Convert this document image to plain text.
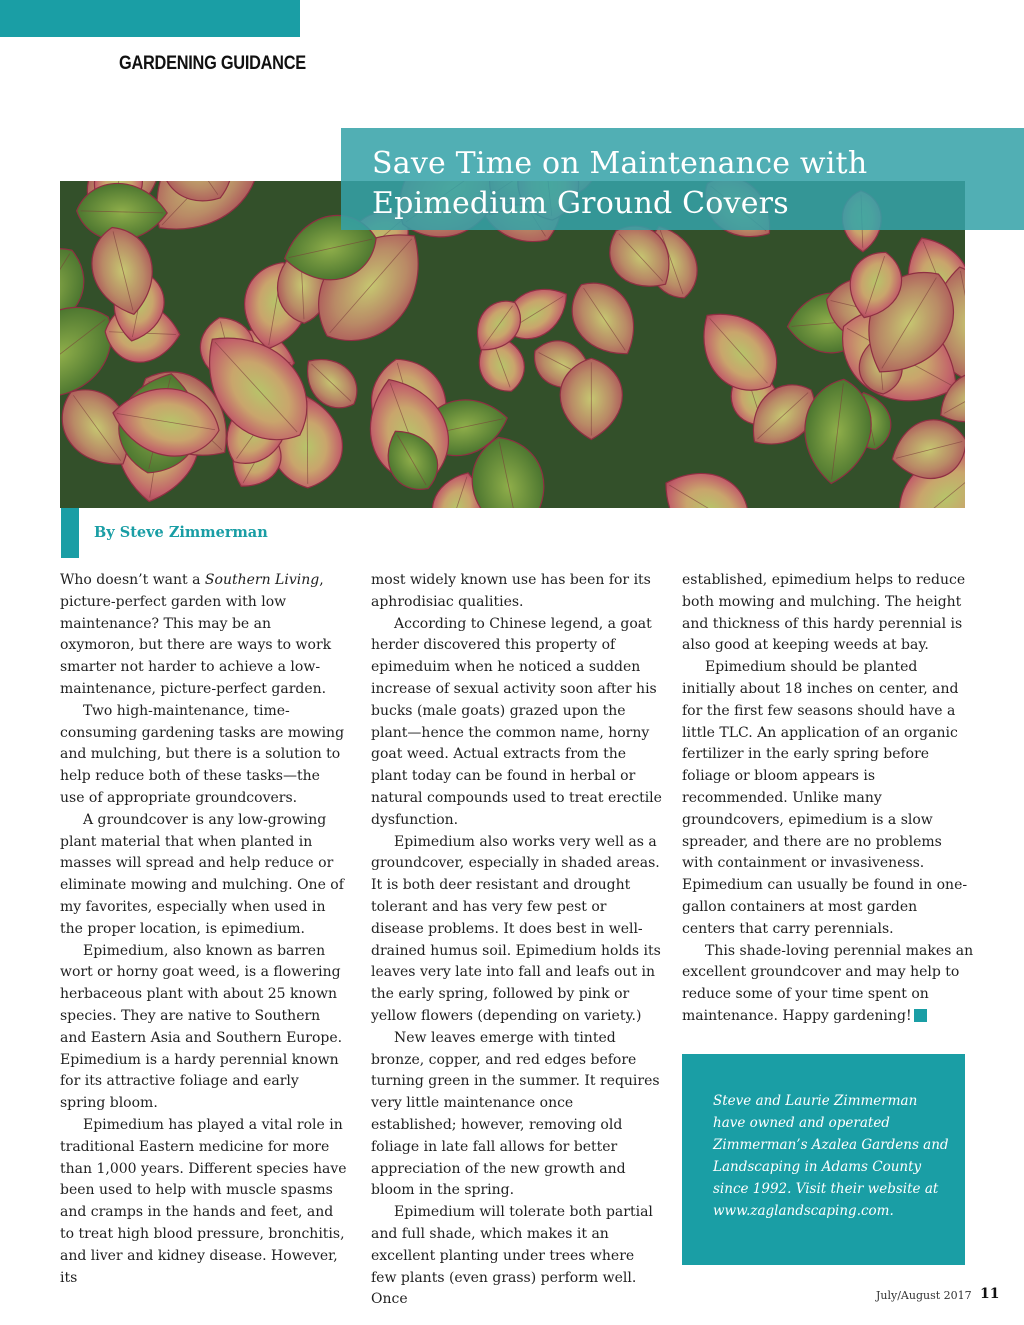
GARDENING GUIDANCE
Save Time on Maintenance with
Epimedium Ground Covers
By Steve Zimmerman

Who doesn’t want a Southern Living, picture-perfect garden with low maintenance? This may be an oxymoron, but there are ways to work smarter not harder to achieve a low-maintenance, picture-perfect garden.

Two high-maintenance, time-consuming gardening tasks are mowing and mulching, but there is a solution to help reduce both of these tasks—the use of appropriate groundcovers.

A groundcover is any low-growing plant material that when planted in masses will spread and help reduce or eliminate mowing and mulching. One of my favorites, especially when used in the proper location, is epimedium.

Epimedium, also known as barren wort or horny goat weed, is a flowering herbaceous plant with about 25 known species. They are native to Southern and Eastern Asia and Southern Europe. Epimedium is a hardy perennial known for its attractive foliage and early spring bloom.

Epimedium has played a vital role in traditional Eastern medicine for more than 1,000 years. Different species have been used to help with muscle spasms and cramps in the hands and feet, and to treat high blood pressure, bronchitis, and liver and kidney disease. However, its

most widely known use has been for its aphrodisiac qualities.

According to Chinese legend, a goat herder discovered this property of epimeduim when he noticed a sudden increase of sexual activity soon after his bucks (male goats) grazed upon the plant—hence the common name, horny goat weed. Actual extracts from the plant today can be found in herbal or natural compounds used to treat erectile dysfunction.

Epimedium also works very well as a groundcover, especially in shaded areas. It is both deer resistant and drought tolerant and has very few pest or disease problems. It does best in well-drained humus soil. Epimedium holds its leaves very late into fall and leafs out in the early spring, followed by pink or yellow flowers (depending on variety.)

New leaves emerge with tinted bronze, copper, and red edges before turning green in the summer. It requires very little maintenance once established; however, removing old foliage in late fall allows for better appreciation of the new growth and bloom in the spring.

Epimedium will tolerate both partial and full shade, which makes it an excellent planting under trees where few plants (even grass) perform well. Once

established, epimedium helps to reduce both mowing and mulching. The height and thickness of this hardy perennial is also good at keeping weeds at bay.

Epimedium should be planted initially about 18 inches on center, and for the first few seasons should have a little TLC. An application of an organic fertilizer in the early spring before foliage or bloom appears is recommended. Unlike many groundcovers, epimedium is a slow spreader, and there are no problems with containment or invasiveness. Epimedium can usually be found in one-gallon containers at most garden centers that carry perennials.

This shade-loving perennial makes an excellent groundcover and may help to reduce some of your time spent on maintenance. Happy gardening!	G

Steve and Laurie Zimmerman have owned and operated Zimmerman’s Azalea Gardens and Landscaping in Adams County since 1992. Visit their website at www.zaglandscaping.com.

July/August 2017 11
